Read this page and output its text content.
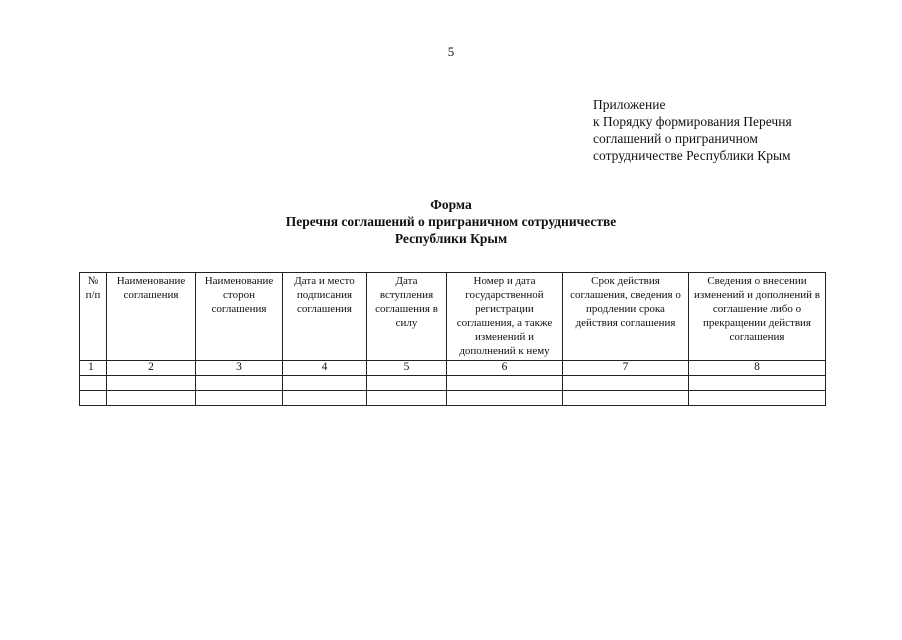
5
Приложение
к Порядку формирования Перечня
соглашений о приграничном
сотрудничестве Республики Крым
Форма
Перечня соглашений о приграничном сотрудничестве
Республики Крым
№ п/п	Наименование соглашения	Наименование сторон соглашения	Дата и место подписания соглашения	Дата вступления соглашения в силу	Номер и дата государственной регистрации соглашения, а также изменений и дополнений к нему	Срок действия соглашения, сведения о продлении срока действия соглашения	Сведения о внесении изменений и дополнений в соглашение либо о прекращении действия соглашения
1	2	3	4	5	6	7	8
